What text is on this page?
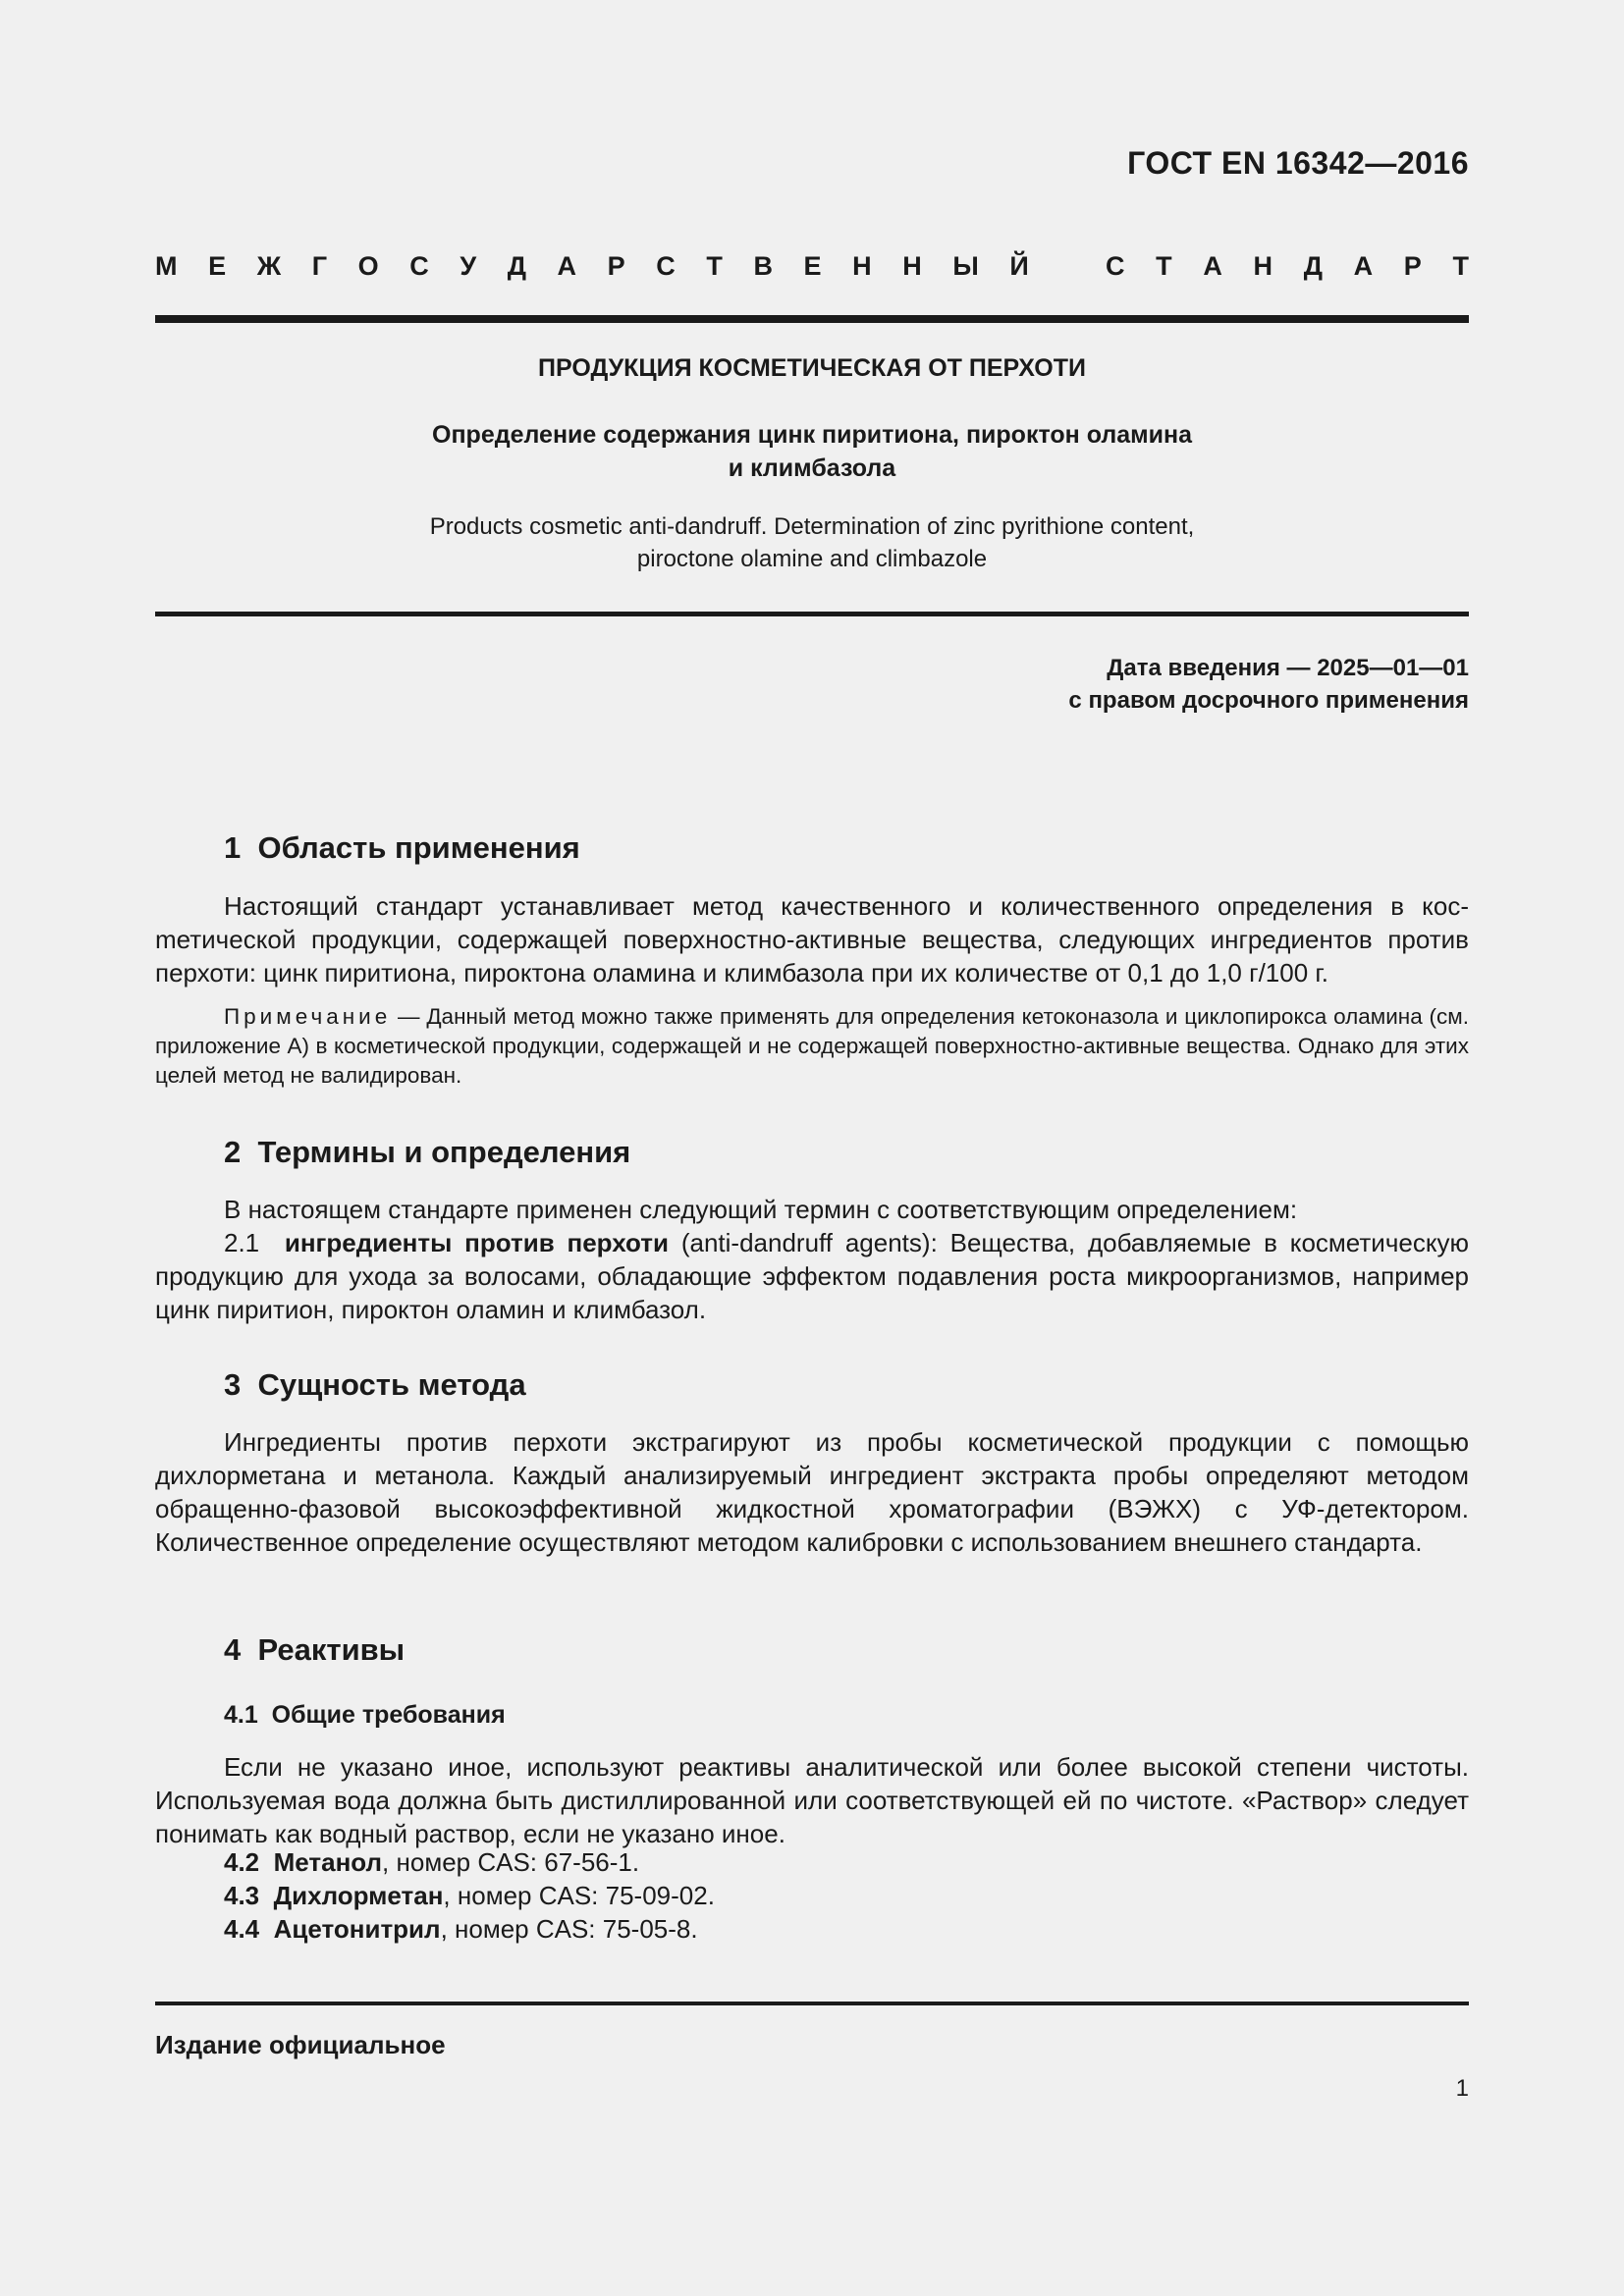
ГОСТ EN 16342—2016
М Е Ж Г О С У Д А Р С Т В Е Н Н Ы Й	С Т А Н Д А Р Т
ПРОДУКЦИЯ КОСМЕТИЧЕСКАЯ ОТ ПЕРХОТИ
Определение содержания цинк пиритиона, пироктон оламина
и климбазола
Products cosmetic anti-dandruff. Determination of zinc pyrithione content,
piroctone olamine and climbazole
Дата введения — 2025—01—01
с правом досрочного применения
1 Область применения

Настоящий стандарт устанавливает метод качественного и количественного определения в косmетической продукции, содержащей поверхностно-активные вещества, следующих ингредиентов против перхоти: цинк пиритиона, пироктона оламина и климбазола при их количестве от 0,1 до 1,0 г/100 г.

Примечание — Данный метод можно также применять для определения кетоконазола и циклопирокса оламина (см. приложение А) в косметической продукции, содержащей и не содержащей поверхностно-активные вещества. Однако для этих целей метод не валидирован.

2 Термины и определения

В настоящем стандарте применен следующий термин с соответствующим определением:

2.1 ингредиенты против перхоти (anti-dandruff agents): Вещества, добавляемые в косметическую продукцию для ухода за волосами, обладающие эффектом подавления роста микроорганизмов, например цинк пиритион, пироктон оламин и климбазол.

3 Сущность метода

Ингредиенты против перхоти экстрагируют из пробы косметической продукции с помощью дихлорметана и метанола. Каждый анализируемый ингредиент экстракта пробы определяют методом обращенно-фазовой высокоэффективной жидкостной хроматографии (ВЭЖХ) с УФ-детектором. Количественное определение осуществляют методом калибровки с использованием внешнего стандарта.

4 Реактивы
4.1 Общие требования

Если не указано иное, используют реактивы аналитической или более высокой степени чистоты. Используемая вода должна быть дистиллированной или соответствующей ей по чистоте. «Раствор» следует понимать как водный раствор, если не указано иное.

4.2 Метанол, номер CAS: 67-56-1.
4.3 Дихлорметан, номер CAS: 75-09-02.
4.4 Ацетонитрил, номер CAS: 75-05-8.
Издание официальное
1
